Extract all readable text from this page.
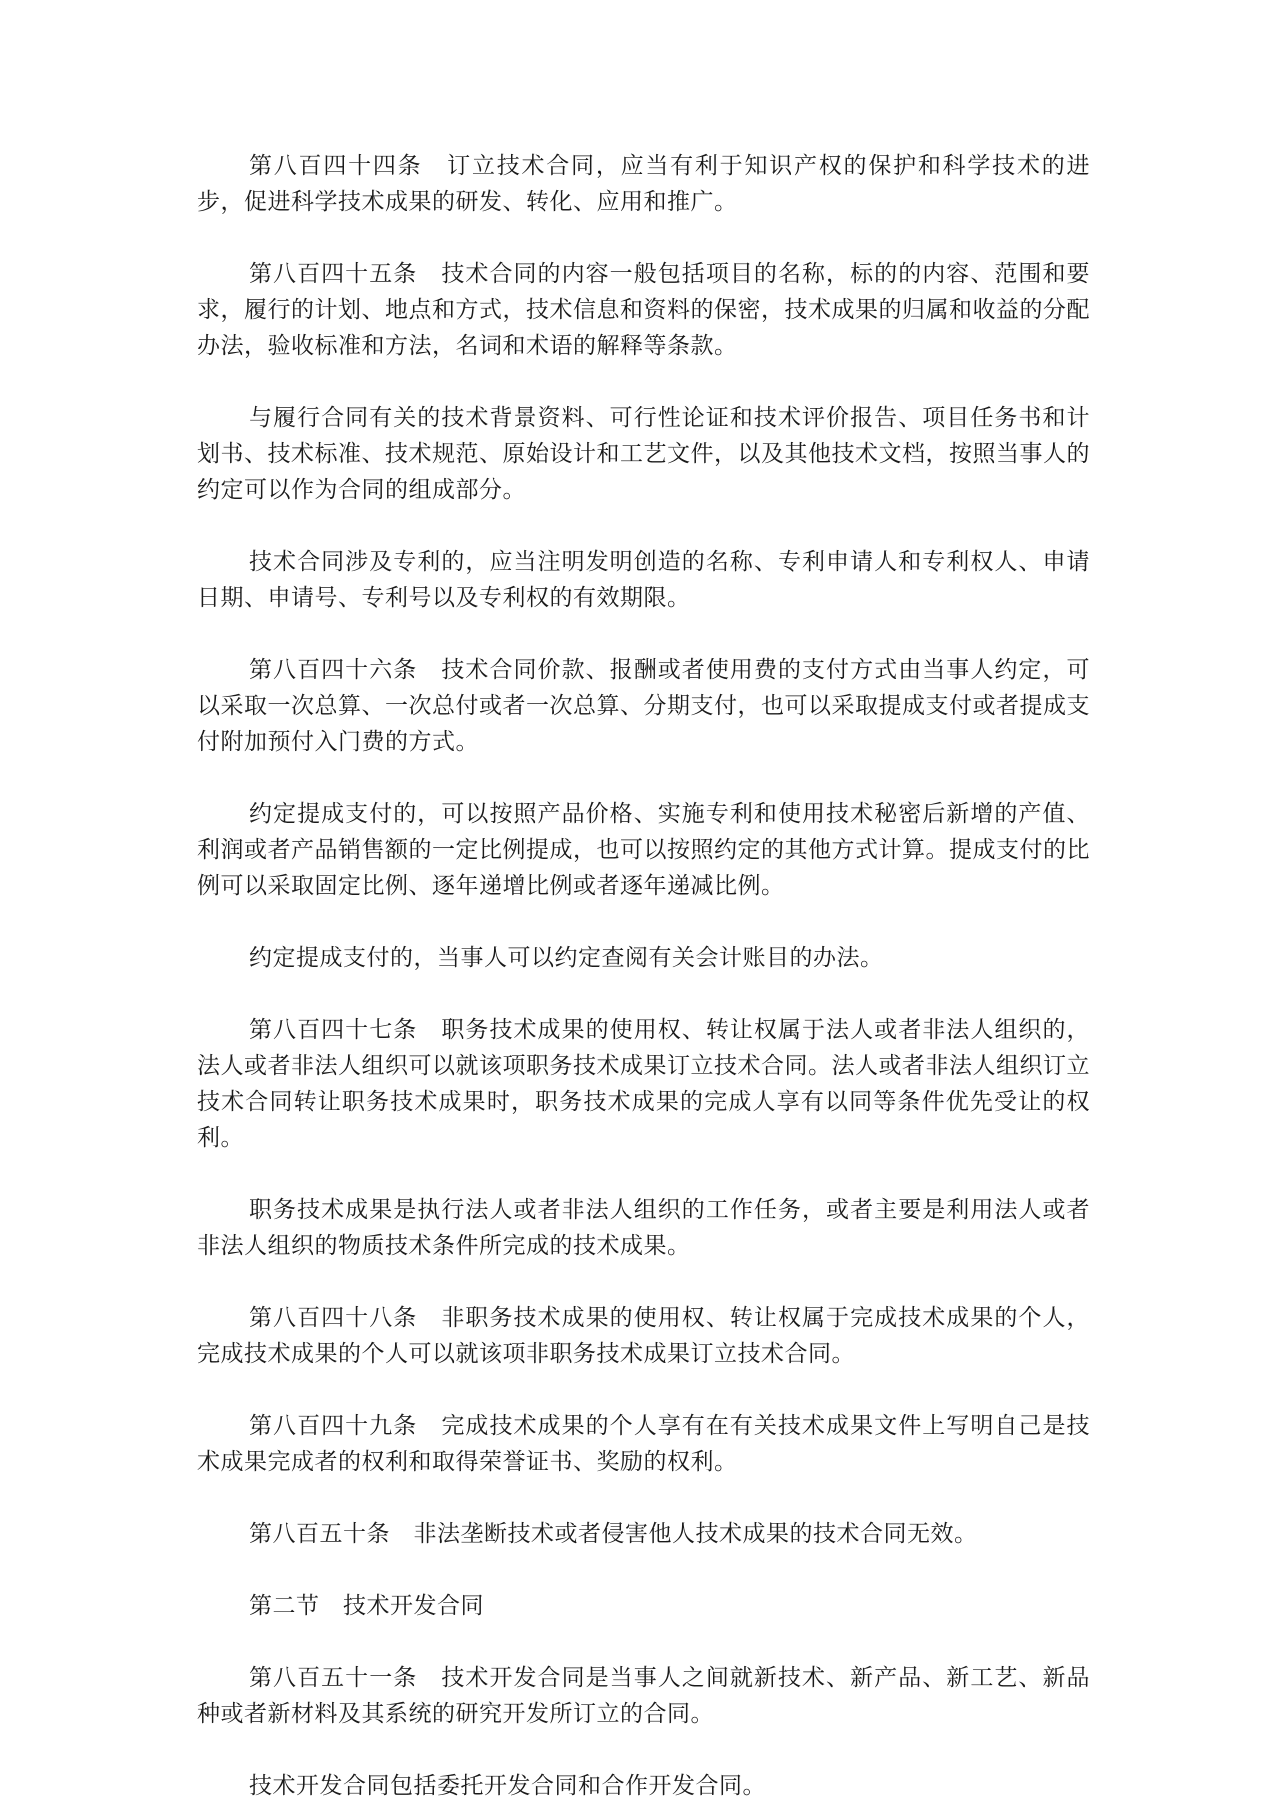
第八百四十四条　订立技术合同，应当有利于知识产权的保护和科学技术的进步，促进科学技术成果的研发、转化、应用和推广。

第八百四十五条　技术合同的内容一般包括项目的名称，标的的内容、范围和要求，履行的计划、地点和方式，技术信息和资料的保密，技术成果的归属和收益的分配办法，验收标准和方法，名词和术语的解释等条款。

与履行合同有关的技术背景资料、可行性论证和技术评价报告、项目任务书和计划书、技术标准、技术规范、原始设计和工艺文件，以及其他技术文档，按照当事人的约定可以作为合同的组成部分。

技术合同涉及专利的，应当注明发明创造的名称、专利申请人和专利权人、申请日期、申请号、专利号以及专利权的有效期限。

第八百四十六条　技术合同价款、报酬或者使用费的支付方式由当事人约定，可以采取一次总算、一次总付或者一次总算、分期支付，也可以采取提成支付或者提成支付附加预付入门费的方式。

约定提成支付的，可以按照产品价格、实施专利和使用技术秘密后新增的产值、利润或者产品销售额的一定比例提成，也可以按照约定的其他方式计算。提成支付的比例可以采取固定比例、逐年递增比例或者逐年递减比例。

约定提成支付的，当事人可以约定查阅有关会计账目的办法。

第八百四十七条　职务技术成果的使用权、转让权属于法人或者非法人组织的，法人或者非法人组织可以就该项职务技术成果订立技术合同。法人或者非法人组织订立技术合同转让职务技术成果时，职务技术成果的完成人享有以同等条件优先受让的权利。

职务技术成果是执行法人或者非法人组织的工作任务，或者主要是利用法人或者非法人组织的物质技术条件所完成的技术成果。

第八百四十八条　非职务技术成果的使用权、转让权属于完成技术成果的个人，完成技术成果的个人可以就该项非职务技术成果订立技术合同。

第八百四十九条　完成技术成果的个人享有在有关技术成果文件上写明自己是技术成果完成者的权利和取得荣誉证书、奖励的权利。

第八百五十条　非法垄断技术或者侵害他人技术成果的技术合同无效。

第二节　技术开发合同

第八百五十一条　技术开发合同是当事人之间就新技术、新产品、新工艺、新品种或者新材料及其系统的研究开发所订立的合同。

技术开发合同包括委托开发合同和合作开发合同。
